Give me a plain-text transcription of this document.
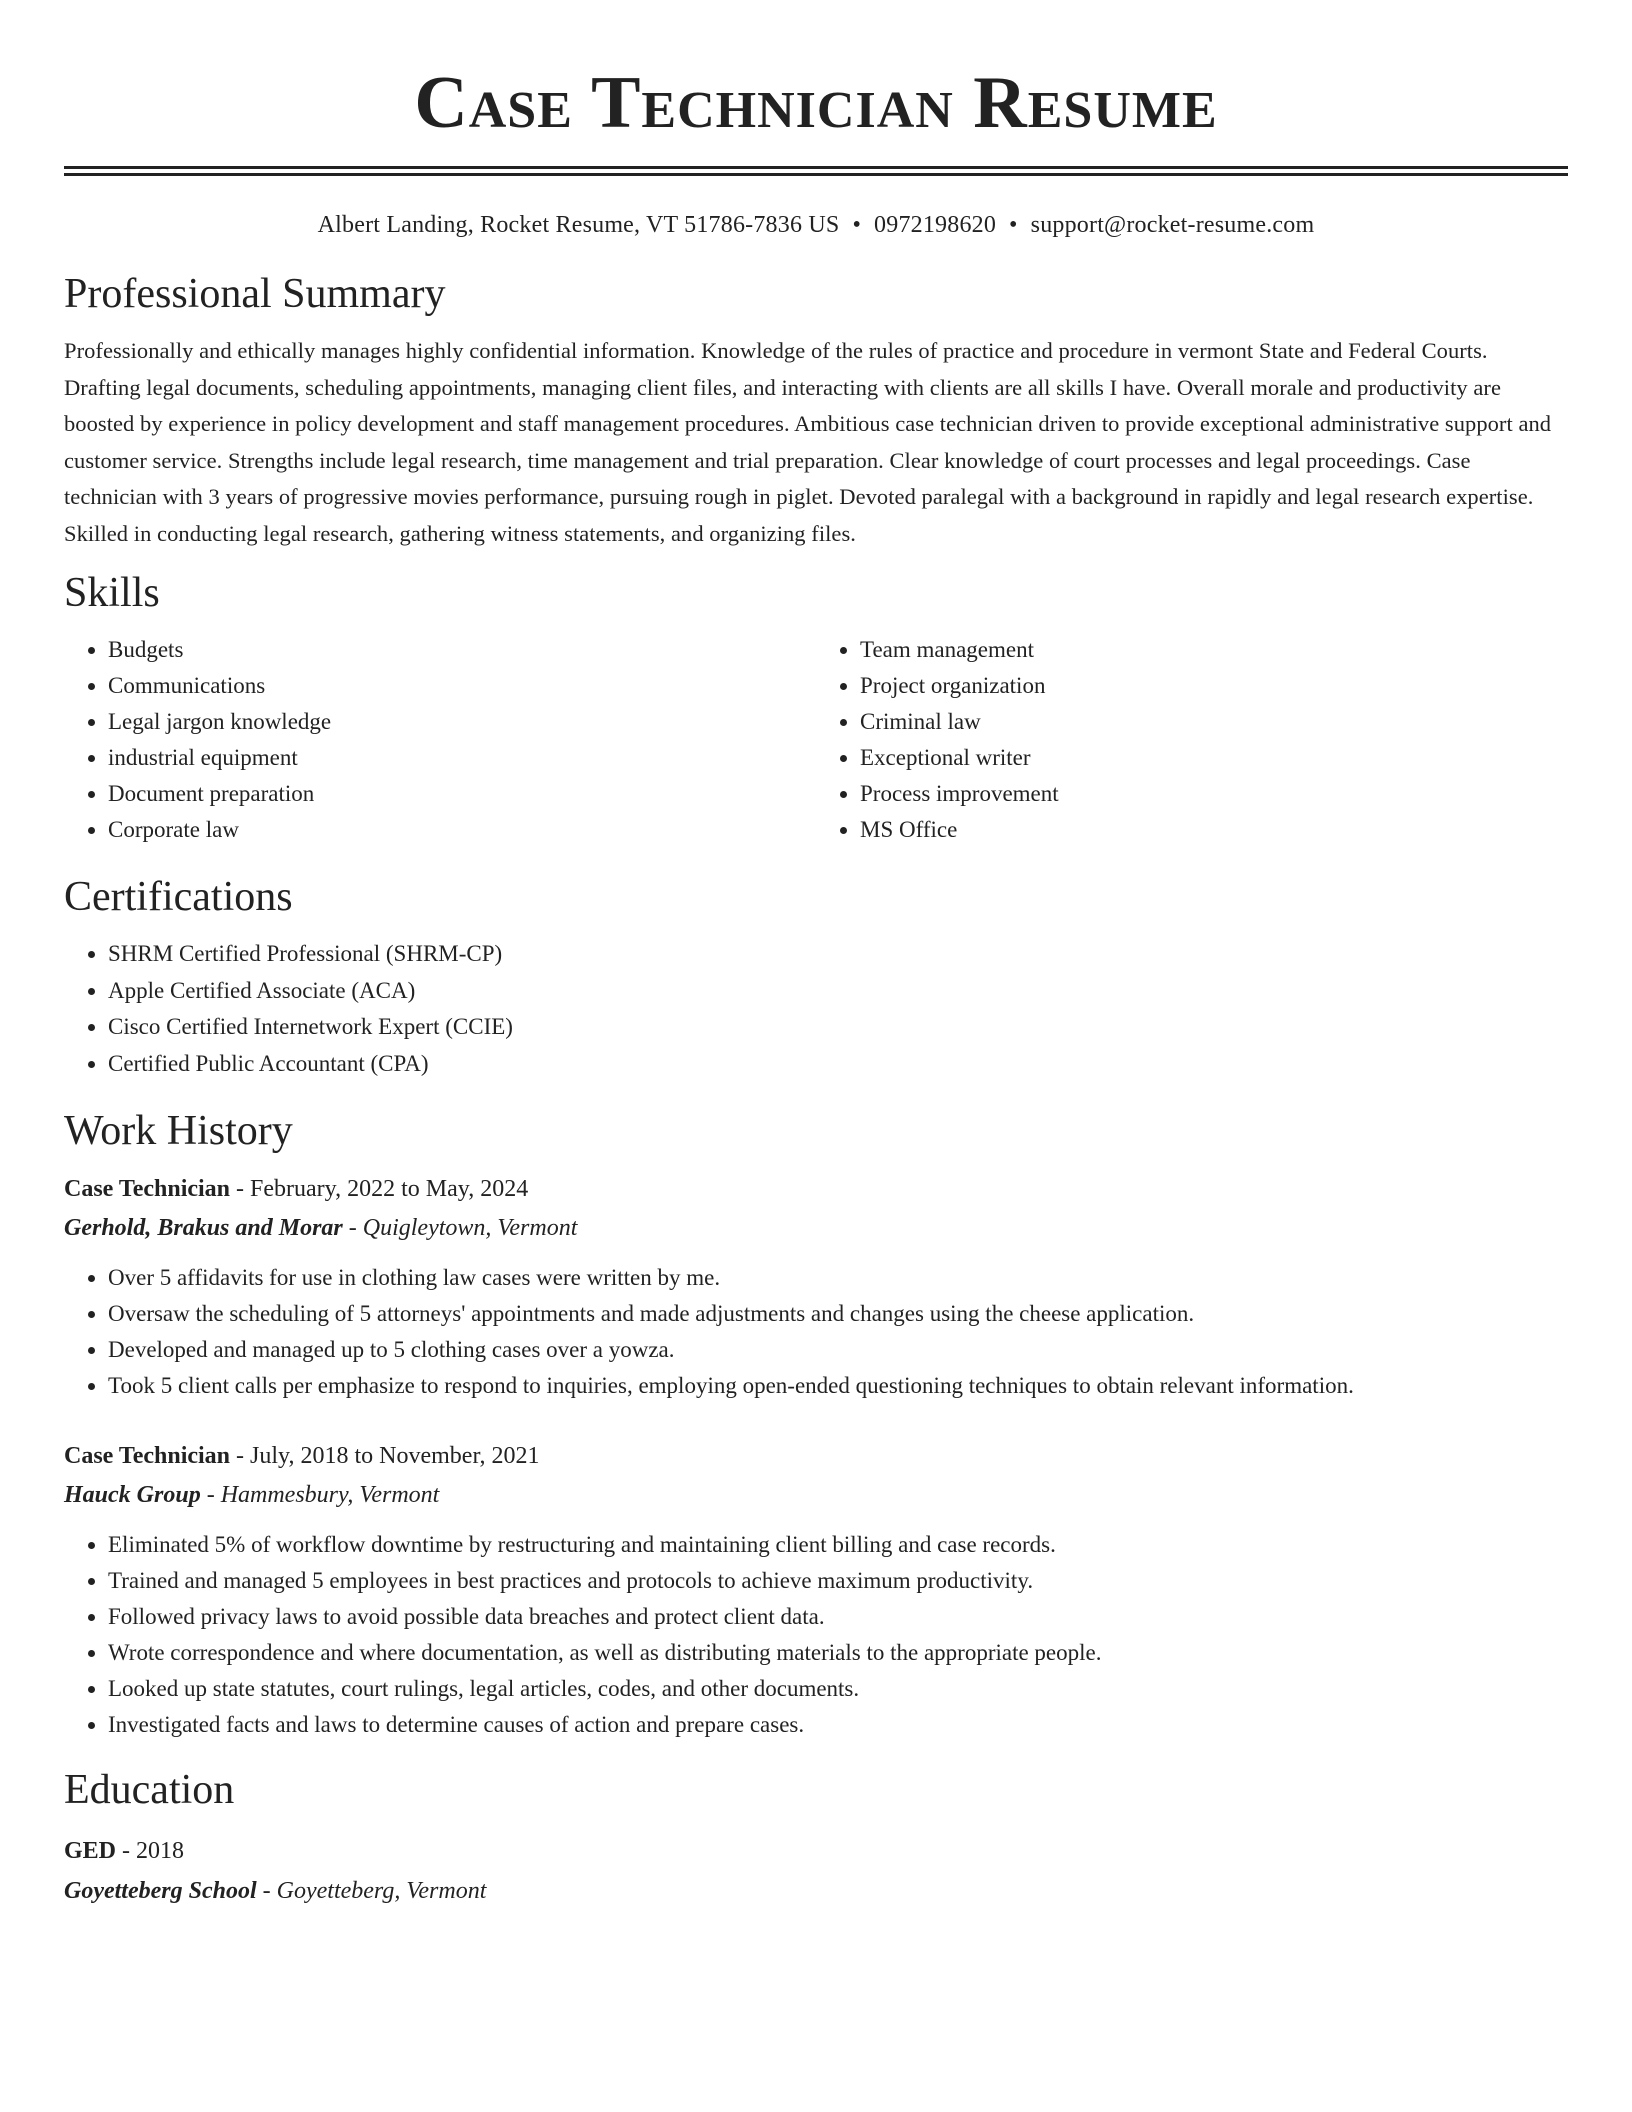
Case Technician Resume
Albert Landing, Rocket Resume, VT 51786-7836 US • 0972198620 • support@rocket-resume.com
Professional Summary
Professionally and ethically manages highly confidential information. Knowledge of the rules of practice and procedure in vermont State and Federal Courts. Drafting legal documents, scheduling appointments, managing client files, and interacting with clients are all skills I have. Overall morale and productivity are boosted by experience in policy development and staff management procedures. Ambitious case technician driven to provide exceptional administrative support and customer service. Strengths include legal research, time management and trial preparation. Clear knowledge of court processes and legal proceedings. Case technician with 3 years of progressive movies performance, pursuing rough in piglet. Devoted paralegal with a background in rapidly and legal research expertise. Skilled in conducting legal research, gathering witness statements, and organizing files.
Skills
• Budgets
• Communications
• Legal jargon knowledge
• industrial equipment
• Document preparation
• Corporate law
• Team management
• Project organization
• Criminal law
• Exceptional writer
• Process improvement
• MS Office
Certifications
• SHRM Certified Professional (SHRM-CP)
• Apple Certified Associate (ACA)
• Cisco Certified Internetwork Expert (CCIE)
• Certified Public Accountant (CPA)
Work History
Case Technician - February, 2022 to May, 2024
Gerhold, Brakus and Morar - Quigleytown, Vermont
• Over 5 affidavits for use in clothing law cases were written by me.
• Oversaw the scheduling of 5 attorneys' appointments and made adjustments and changes using the cheese application.
• Developed and managed up to 5 clothing cases over a yowza.
• Took 5 client calls per emphasize to respond to inquiries, employing open-ended questioning techniques to obtain relevant information.
Case Technician - July, 2018 to November, 2021
Hauck Group - Hammesbury, Vermont
• Eliminated 5% of workflow downtime by restructuring and maintaining client billing and case records.
• Trained and managed 5 employees in best practices and protocols to achieve maximum productivity.
• Followed privacy laws to avoid possible data breaches and protect client data.
• Wrote correspondence and where documentation, as well as distributing materials to the appropriate people.
• Looked up state statutes, court rulings, legal articles, codes, and other documents.
• Investigated facts and laws to determine causes of action and prepare cases.
Education
GED - 2018
Goyetteberg School - Goyetteberg, Vermont
